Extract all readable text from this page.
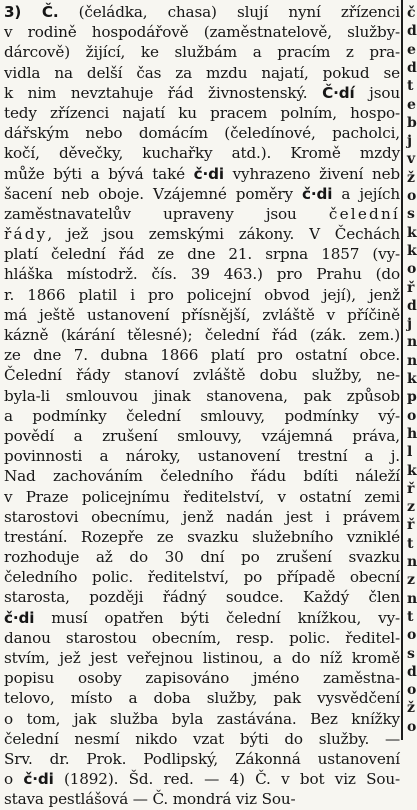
3) Č. (čeládka, chasa) slují nyní zřízenci
v rodině hospodářově (zaměstnatelově, služby-
dárcově) žijící, ke službám a pracím z pra-
vidla na delší čas za mzdu najatí, pokud se
k nim nevztahuje řád živnostenský. Č·dí jsou
tedy zřízenci najatí ku pracem polním, hospo-
dářským nebo domácím (čeledínové, pacholci,
kočí, děvečky, kuchařky atd.). Kromě mzdy
může býti a bývá také č·di vyhrazeno živení neb
šacení neb oboje. Vzájemné poměry č·di a jejích
zaměstnavatelův upraveny jsou čelední
řády, jež jsou zemskými zákony. V Čechách
platí čelední řád ze dne 21. srpna 1857 (vy-
hláška místodrž. čís. 39 463.) pro Prahu (do
r. 1866 platil i pro policejní obvod její), jenž
má ještě ustanovení přísnější, zvláště v příčině
kázně (kárání tělesné); čelední řád (zák. zem.)
ze dne 7. dubna 1866 platí pro ostatní obce.
Čelední řády stanoví zvláště dobu služby, ne-
byla-li smlouvou jinak stanovena, pak způsob
a podmínky čelední smlouvy, podmínky vý-
povědí a zrušení smlouvy, vzájemná práva,
povinnosti a nároky, ustanovení trestní a j.
Nad zachováním čeledního řádu bdíti náleží
v Praze policejnímu ředitelství, v ostatní zemi
starostovi obecnímu, jenž nadán jest i právem
trestání. Rozepře ze svazku služebního vzniklé
rozhoduje až do 30 dní po zrušení svazku
čeledního polic. ředitelství, po případě obecní
starosta, později řádný soudce. Každý člen
č·di musí opatřen býti čelední knížkou, vy-
danou starostou obecním, resp. polic. ředitel-
stvím, jež jest veřejnou listinou, a do níž kromě
popisu osoby zapisováno jméno zaměstna-
telovo, místo a doba služby, pak vysvědčení
o tom, jak služba byla zastávána. Bez knížky
čelední nesmí nikdo vzat býti do služby. —
Srv. dr. Prok. Podlipský, Zákonná ustanovení
o č·di (1892). Šd. red. — 4) Č. v bot viz Sou-
stava pestlášová — Č. mondrá viz Sou-
č
d
e
d
t
e
b
j
v
ž
o
s
k
k
o
ř
d
j
n
n
k
p
o
h
l
k
ř
z
ř
t
n
z
n
t
o
s
d
o
ž
o
